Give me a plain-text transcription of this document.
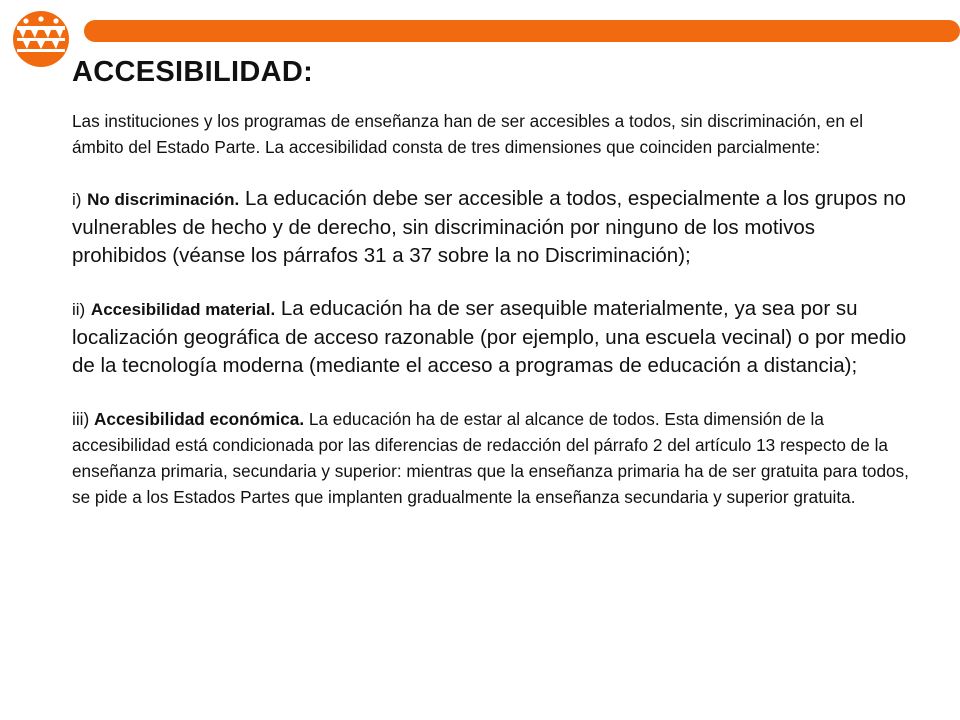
ACCESIBILIDAD:

Las instituciones y los programas de enseñanza han de ser accesibles a todos, sin discriminación, en el ámbito del Estado Parte. La accesibilidad consta de tres dimensiones que coinciden parcialmente:

i) No discriminación. La educación debe ser accesible a todos, especialmente a los grupos no vulnerables de hecho y de derecho, sin discriminación por ninguno de los motivos prohibidos (véanse los párrafos 31 a 37 sobre la no Discriminación);

ii) Accesibilidad material. La educación ha de ser asequible materialmente, ya sea por su localización geográfica de acceso razonable (por ejemplo, una escuela vecinal) o por medio de la tecnología moderna (mediante el acceso a programas de educación a distancia);

iii) Accesibilidad económica. La educación ha de estar al alcance de todos. Esta dimensión de la accesibilidad está condicionada por las diferencias de redacción del párrafo 2 del artículo 13 respecto de la enseñanza primaria, secundaria y superior: mientras que la enseñanza primaria ha de ser gratuita para todos, se pide a los Estados Partes que implanten gradualmente la enseñanza secundaria y superior gratuita.
